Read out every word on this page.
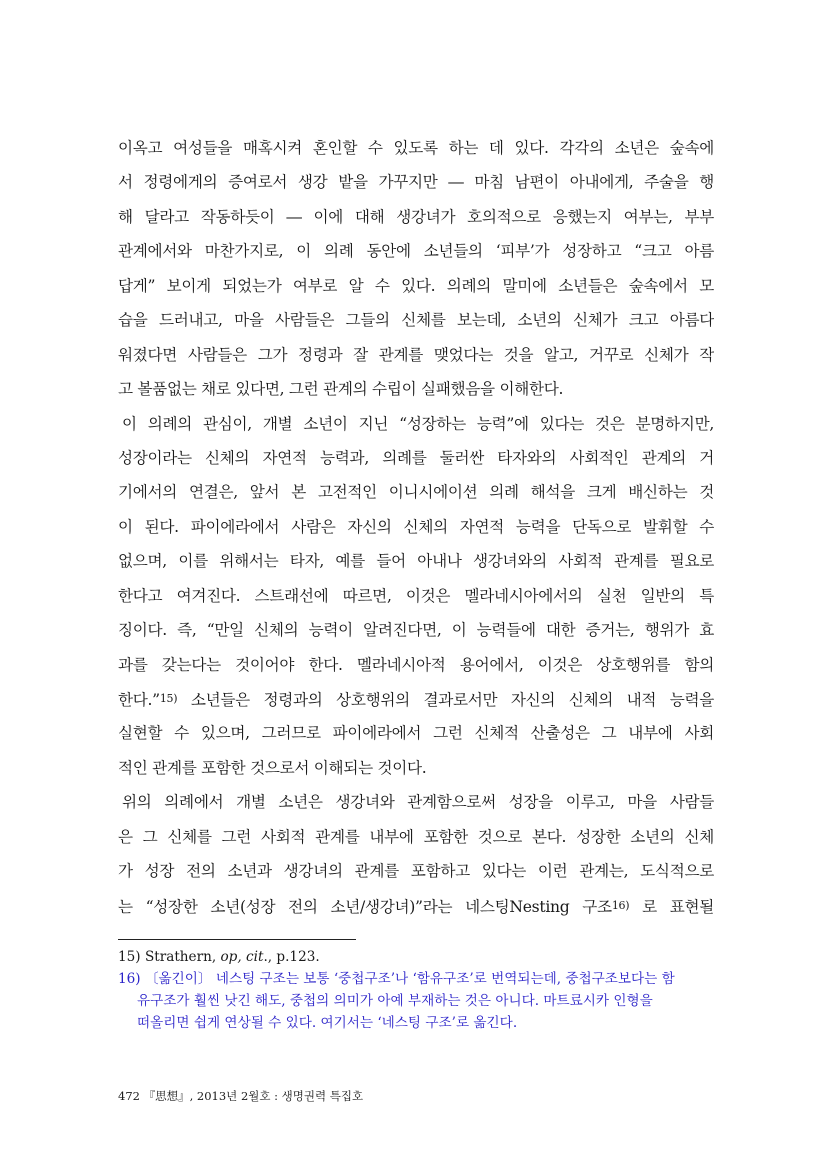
이옥고 여성들을 매혹시켜 혼인할 수 있도록 하는 데 있다. 각각의 소년은 숲속에
서 정령에게의 증여로서 생강 밭을 가꾸지만 ― 마침 남편이 아내에게, 주술을 행
해 달라고 작동하듯이 ― 이에 대해 생강녀가 호의적으로 응했는지 여부는, 부부
관계에서와 마찬가지로, 이 의례 동안에 소년들의 ‘피부’가 성장하고 “크고 아름
답게” 보이게 되었는가 여부로 알 수 있다. 의례의 말미에 소년들은 숲속에서 모
습을 드러내고, 마을 사람들은 그들의 신체를 보는데, 소년의 신체가 크고 아름다
워졌다면 사람들은 그가 정령과 잘 관계를 맺었다는 것을 알고, 거꾸로 신체가 작
고 볼품없는 채로 있다면, 그런 관계의 수립이 실패했음을 이해한다.
이 의례의 관심이, 개별 소년이 지닌 “성장하는 능력”에 있다는 것은 분명하지만,
성장이라는 신체의 자연적 능력과, 의례를 둘러싼 타자와의 사회적인 관계의 거
기에서의 연결은, 앞서 본 고전적인 이니시에이션 의례 해석을 크게 배신하는 것
이 된다. 파이에라에서 사람은 자신의 신체의 자연적 능력을 단독으로 발휘할 수
없으며, 이를 위해서는 타자, 예를 들어 아내나 생강녀와의 사회적 관계를 필요로
한다고 여겨진다. 스트래선에 따르면, 이것은 멜라네시아에서의 실천 일반의 특
징이다. 즉, “만일 신체의 능력이 알려진다면, 이 능력들에 대한 증거는, 행위가 효
과를 갖는다는 것이어야 한다. 멜라네시아적 용어에서, 이것은 상호행위를 함의
한다.”$^{15)}$ 소년들은 정령과의 상호행위의 결과로서만 자신의 신체의 내적 능력을
실현할 수 있으며, 그러므로 파이에라에서 그런 신체적 산출성은 그 내부에 사회
적인 관계를 포함한 것으로서 이해되는 것이다.
위의 의례에서 개별 소년은 생강녀와 관계함으로써 성장을 이루고, 마을 사람들
은 그 신체를 그런 사회적 관계를 내부에 포함한 것으로 본다. 성장한 소년의 신체
가 성장 전의 소년과 생강녀의 관계를 포함하고 있다는 이런 관계는, 도식적으로
는 “성장한 소년(성장 전의 소년/생강녀)”라는 네스팅Nesting 구조$^{16)}$ 로 표현될
15) Strathern, op, cit., p.123.
16) 〔옮긴이〕 네스팅 구조는 보통 ‘중첩구조’나 ‘함유구조’로 번역되는데, 중첩구조보다는 함
유구조가 훨씬 낫긴 해도, 중첩의 의미가 아예 부재하는 것은 아니다. 마트료시카 인형을
떠올리면 쉽게 연상될 수 있다. 여기서는 ‘네스팅 구조’로 옮긴다.
472 『思想』, 2013년 2월호 : 생명권력 특집호
